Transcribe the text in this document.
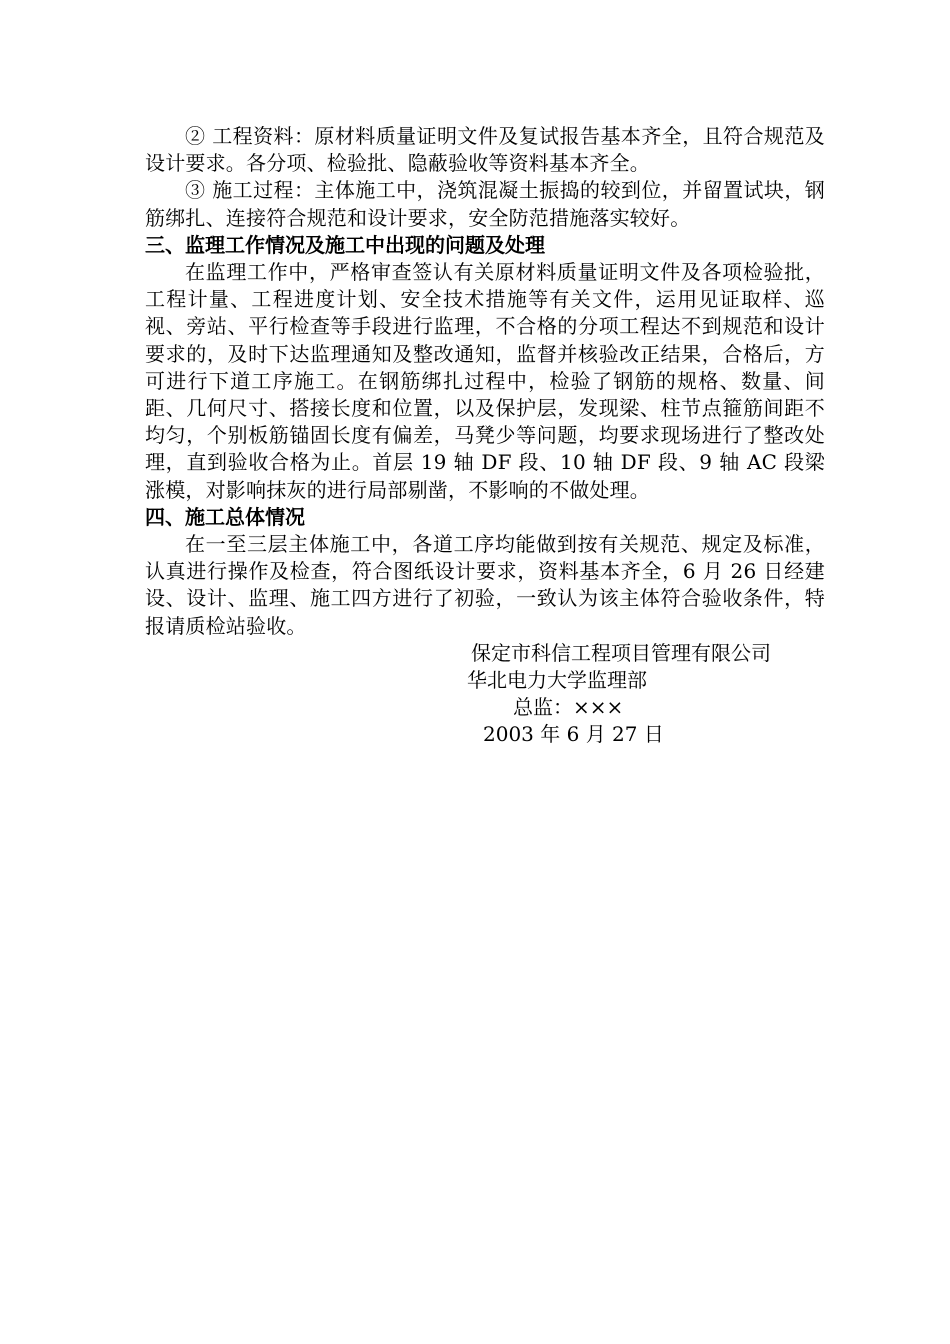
② 工程资料：原材料质量证明文件及复试报告基本齐全，且符合规范及设计要求。各分项、检验批、隐蔽验收等资料基本齐全。

③ 施工过程：主体施工中，浇筑混凝土振捣的较到位，并留置试块，钢筋绑扎、连接符合规范和设计要求，安全防范措施落实较好。

三、监理工作情况及施工中出现的问题及处理

在监理工作中，严格审查签认有关原材料质量证明文件及各项检验批，工程计量、工程进度计划、安全技术措施等有关文件，运用见证取样、巡视、旁站、平行检查等手段进行监理，不合格的分项工程达不到规范和设计要求的，及时下达监理通知及整改通知，监督并核验改正结果，合格后，方可进行下道工序施工。在钢筋绑扎过程中，检验了钢筋的规格、数量、间距、几何尺寸、搭接长度和位置，以及保护层，发现梁、柱节点箍筋间距不均匀，个别板筋锚固长度有偏差，马凳少等问题，均要求现场进行了整改处理，直到验收合格为止。首层 19 轴 DF 段、10 轴 DF 段、9 轴 AC 段梁涨模，对影响抹灰的进行局部剔凿，不影响的不做处理。

四、施工总体情况

在一至三层主体施工中，各道工序均能做到按有关规范、规定及标准，认真进行操作及检查，符合图纸设计要求，资料基本齐全，6 月 26 日经建设、设计、监理、施工四方进行了初验，一致认为该主体符合验收条件，特报请质检站验收。

保定市科信工程项目管理有限公司

华北电力大学监理部

总监：×××

2003 年 6 月 27 日
